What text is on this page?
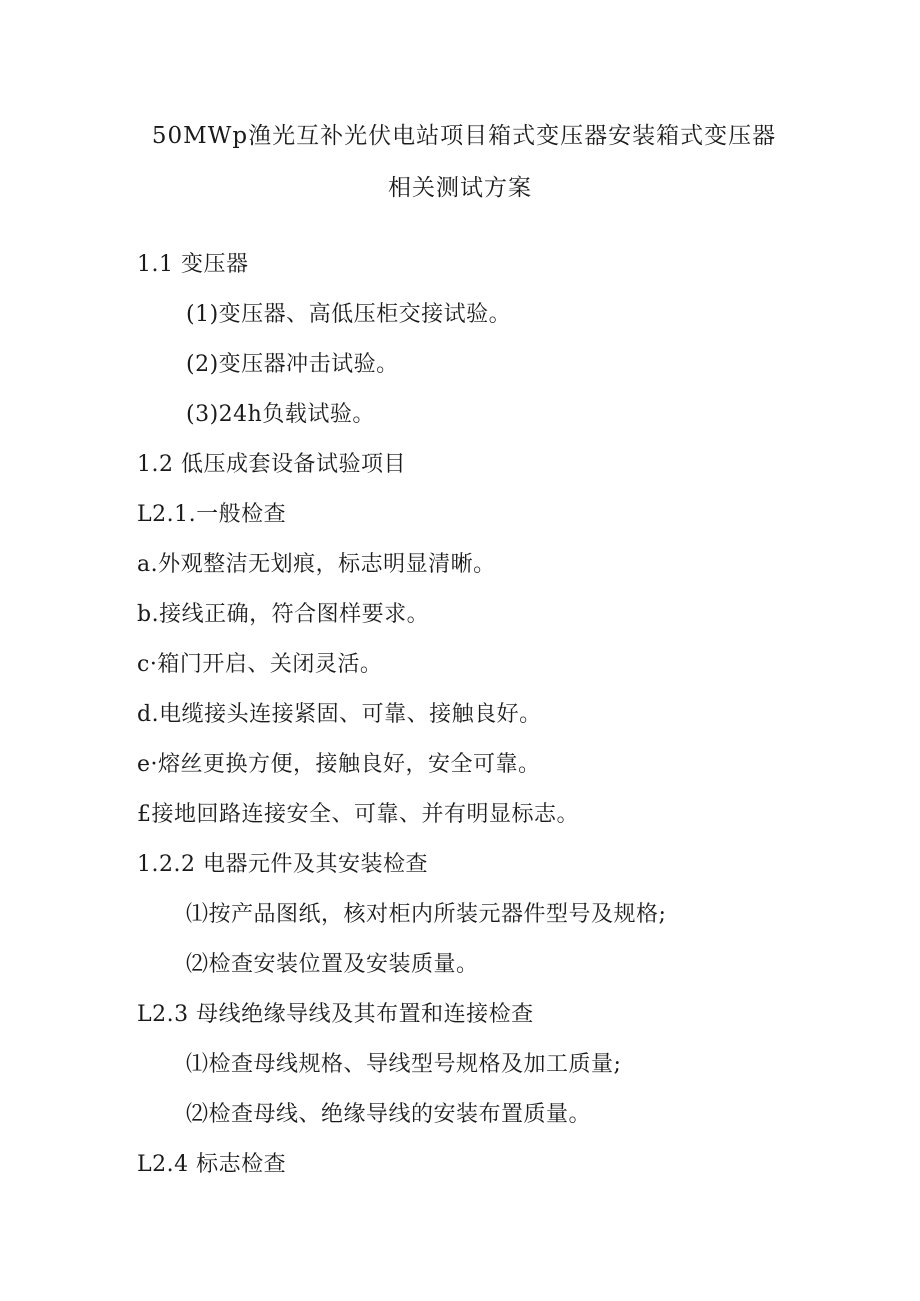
50MWp渔光互补光伏电站项目箱式变压器安装箱式变压器
相关测试方案
1.1 变压器
(1)变压器、高低压柜交接试验。
(2)变压器冲击试验。
(3)24h负载试验。
1.2 低压成套设备试验项目
L2.1.一般检查
a.外观整洁无划痕，标志明显清晰。
b.接线正确，符合图样要求。
c·箱门开启、关闭灵活。
d.电缆接头连接紧固、可靠、接触良好。
e·熔丝更换方便，接触良好，安全可靠。
£接地回路连接安全、可靠、并有明显标志。
1.2.2 电器元件及其安装检查
⑴按产品图纸，核对柜内所装元器件型号及规格;
⑵检查安装位置及安装质量。
L2.3 母线绝缘导线及其布置和连接检查
⑴检查母线规格、导线型号规格及加工质量;
⑵检查母线、绝缘导线的安装布置质量。
L2.4 标志检查
